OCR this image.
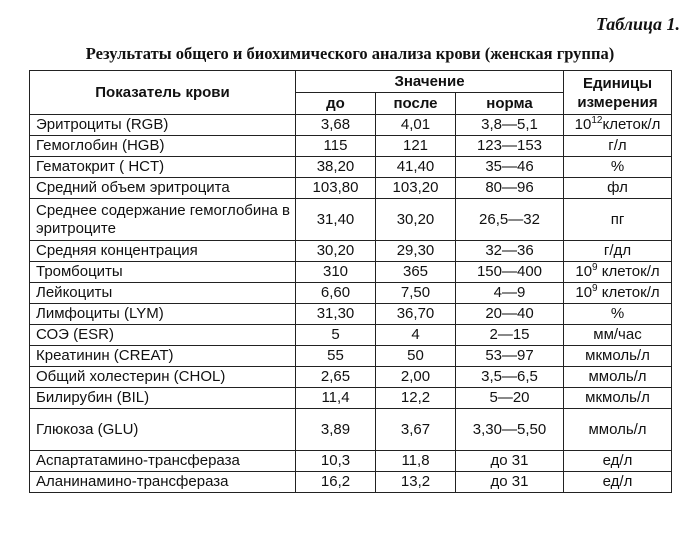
Таблица 1.
Результаты общего и биохимического анализа крови (женская группа)
Показатель крови	Значение			Единицы измерения
	до	после	норма	
Эритроциты (RGB)	3,68	4,01	3,8—5,1	$10^{12}клеток/л$
Гемоглобин (HGB)	115	121	123—153	г/л
Гематокрит ( HCT)	38,20	41,40	35—46	%
Средний объем эритроцита	103,80	103,20	80—96	фл
Среднее содержание гемоглобина в эритроците	31,40	30,20	26,5—32	пг
Средняя концентрация	30,20	29,30	32—36	г/дл
Тромбоциты	310	365	150—400	$10^9$ клеток/л
Лейкоциты	6,60	7,50	4—9	$10^9$ клеток/л
Лимфоциты (LYM)	31,30	36,70	20—40	%
СОЭ (ESR)	5	4	2—15	мм/час
Креатинин (CREAT)	55	50	53—97	мкмоль/л
Общий холестерин (CHOL)	2,65	2,00	3,5—6,5	ммоль/л
Билирубин (BIL)	11,4	12,2	5—20	мкмоль/л
Глюкоза (GLU)	3,89	3,67	3,30—5,50	ммоль/л
Аспартатамино-трансфераза	10,3	11,8	до 31	ед/л
Аланинамино-трансфераза	16,2	13,2	до 31	ед/л
